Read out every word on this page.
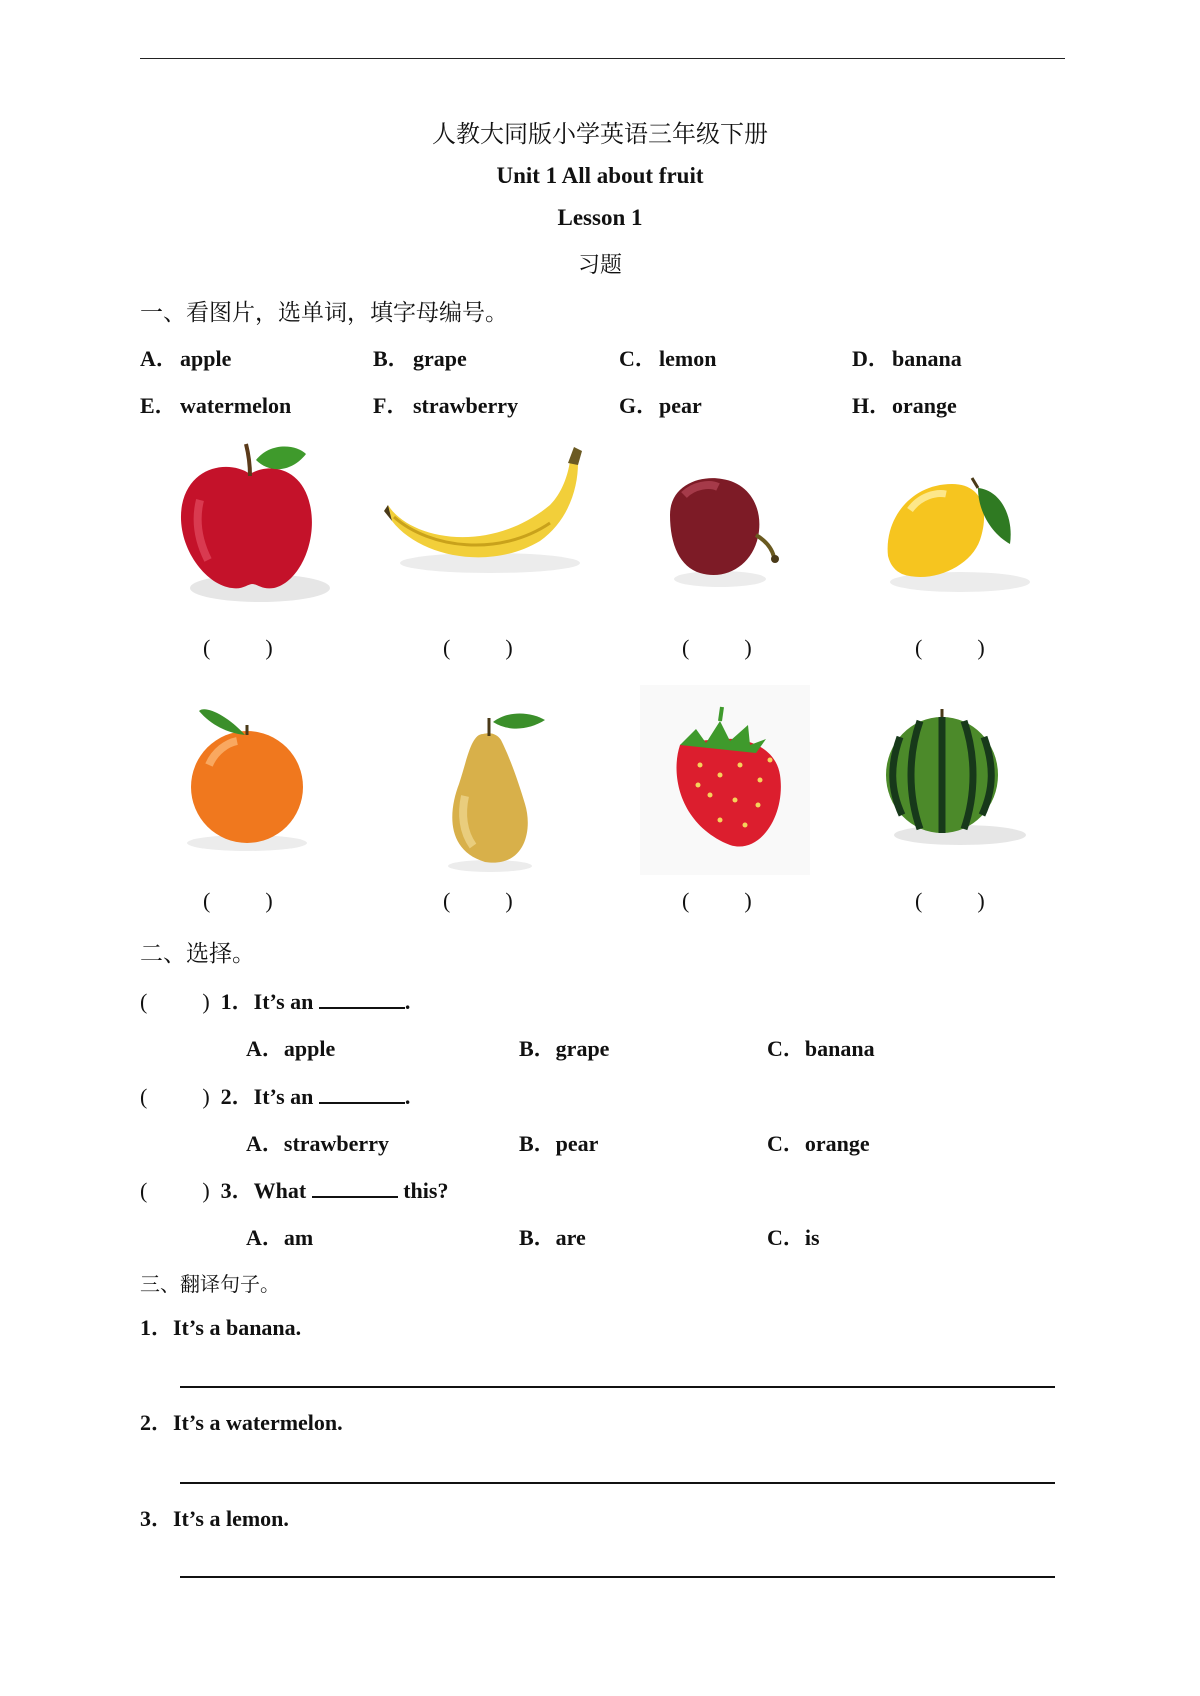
人教大同版小学英语三年级下册
Unit 1 All about fruit
Lesson 1
习题
一、看图片，选单词，填字母编号。
A．apple	B． grape	C．lemon	D．banana
E． watermelon	F． strawberry	G．pear	H．orange
(          )	(          )	(          )	(          )
(          )	(          )	(          )	(          )
二、选择。
(          ) 1．It’s an	.
A．apple	B．grape	C．banana
(          ) 2．It’s an	.
A．strawberry	B．pear	C．orange
(          ) 3．What	this?
A．am	B．are	C．is
三、翻译句子。
1．It’s a banana.
2．It’s a watermelon.
3．It’s a lemon.
